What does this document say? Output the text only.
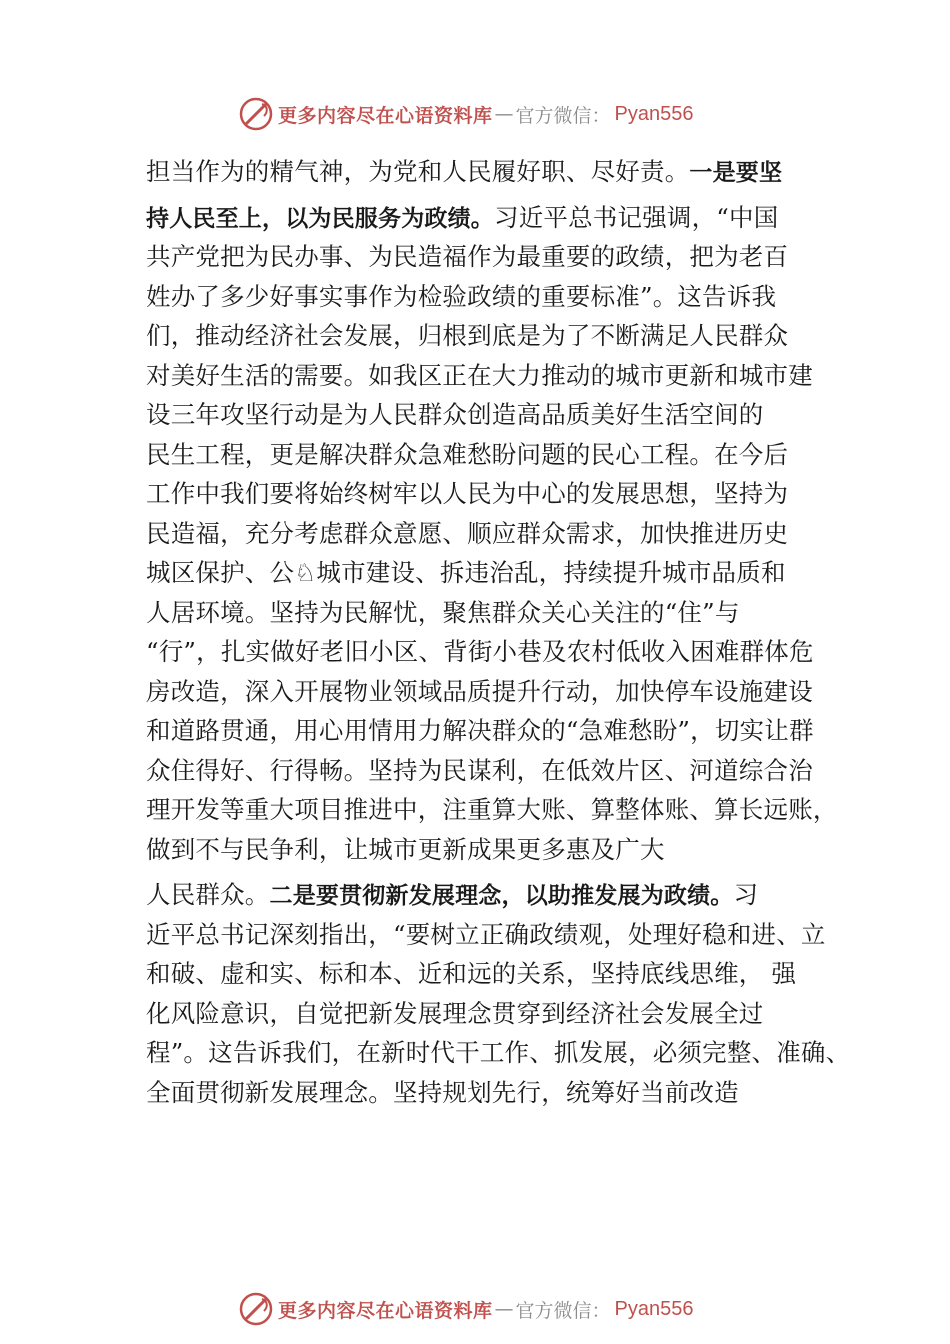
更多内容尽在心语资料库 — 官方微信： Pyan556
担当作为的精气神，为党和人民履好职、尽好责。一是要坚
持人民至上，以为民服务为政绩。习近平总书记强调，“中国
共产党把为民办事、为民造福作为最重要的政绩，把为老百
姓办了多少好事实事作为检验政绩的重要标准”。这告诉我
们，推动经济社会发展，归根到底是为了不断满足人民群众
对美好生活的需要。如我区正在大力推动的城市更新和城市建
设三年攻坚行动是为人民群众创造高品质美好生活空间的
民生工程，更是解决群众急难愁盼问题的民心工程。在今后
工作中我们要将始终树牢以人民为中心的发展思想，坚持为
民造福，充分考虑群众意愿、顺应群众需求，加快推进历史
城区保护、公♘城市建设、拆违治乱，持续提升城市品质和
人居环境。坚持为民解忧，聚焦群众关心关注的“住”与
“行”，扎实做好老旧小区、背街小巷及农村低收入困难群体危
房改造，深入开展物业领域品质提升行动，加快停车设施建设
和道路贯通，用心用情用力解决群众的“急难愁盼”，切实让群
众住得好、行得畅。坚持为民谋利，在低效片区、河道综合治
理开发等重大项目推进中，注重算大账、算整体账、算长远账，
做到不与民争利，让城市更新成果更多惠及广大
人民群众。二是要贯彻新发展理念，以助推发展为政绩。习
近平总书记深刻指出，“要树立正确政绩观，处理好稳和进、立
和破、虚和实、标和本、近和远的关系，坚持底线思维， 强
化风险意识，自觉把新发展理念贯穿到经济社会发展全过
程”。这告诉我们，在新时代干工作、抓发展，必须完整、准确、
全面贯彻新发展理念。坚持规划先行，统筹好当前改造
更多内容尽在心语资料库 — 官方微信： Pyan556
